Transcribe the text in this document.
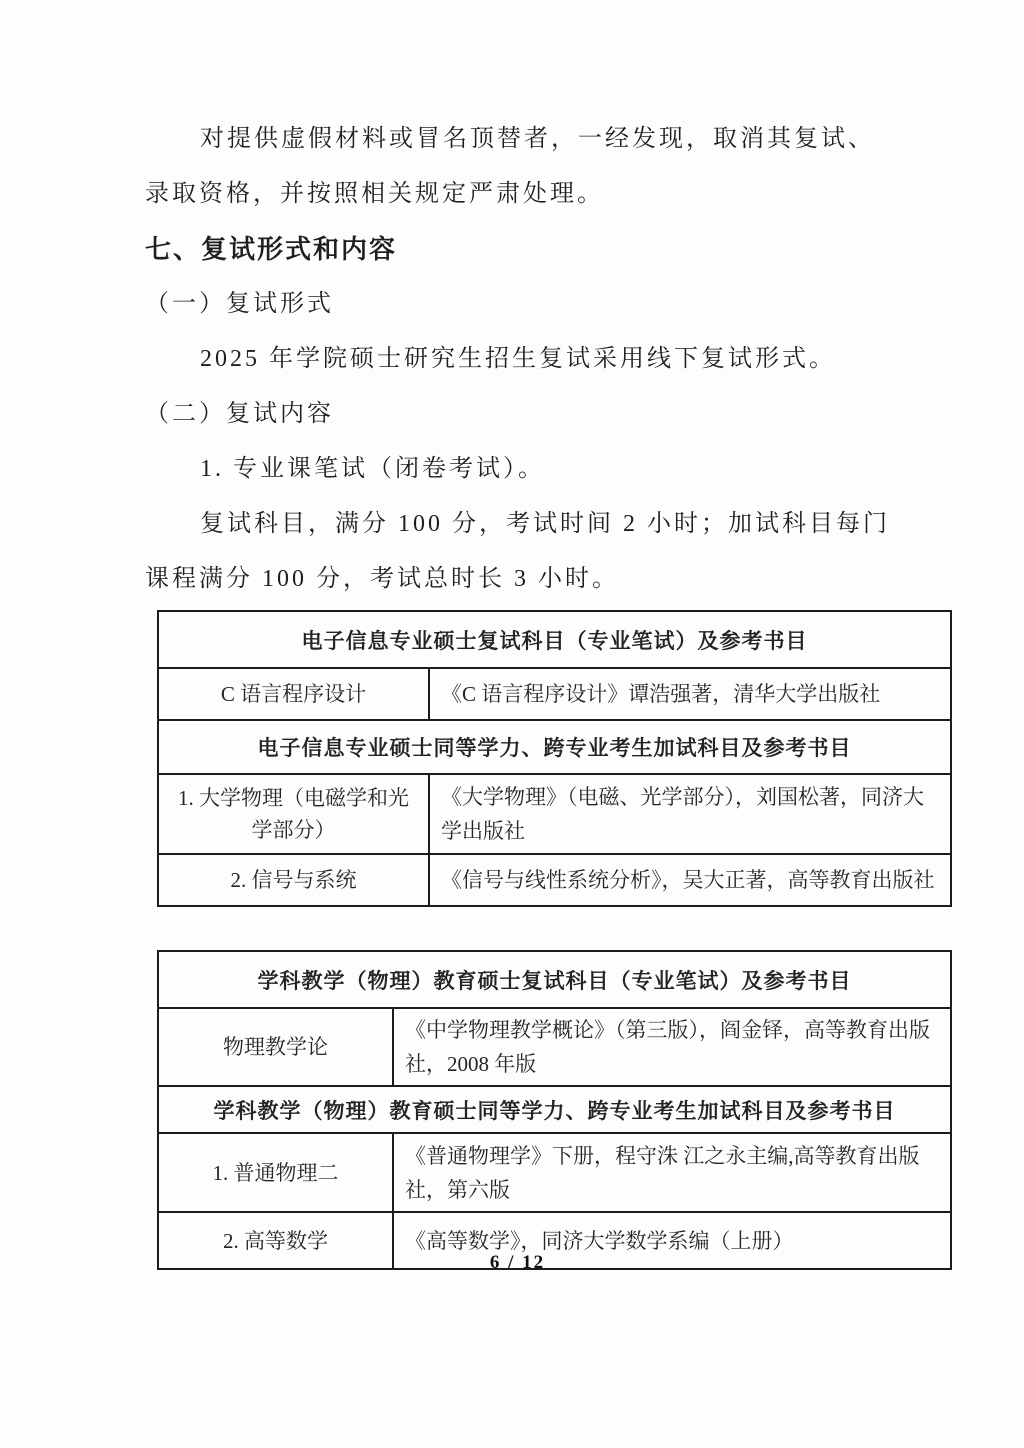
对提供虚假材料或冒名顶替者，一经发现，取消其复试、
录取资格，并按照相关规定严肃处理。
七、复试形式和内容
（一）复试形式
2025 年学院硕士研究生招生复试采用线下复试形式。
（二）复试内容
1. 专业课笔试（闭卷考试）。
复试科目，满分 100 分，考试时间 2 小时；加试科目每门
课程满分 100 分，考试总时长 3 小时。
电子信息专业硕士复试科目（专业笔试）及参考书目	
C 语言程序设计	《C 语言程序设计》谭浩强著，清华大学出版社
电子信息专业硕士同等学力、跨专业考生加试科目及参考书目	
1. 大学物理（电磁学和光学部分）	《大学物理》（电磁、光学部分），刘国松著，同济大学出版社
2. 信号与系统	《信号与线性系统分析》，吴大正著，高等教育出版社
学科教学（物理）教育硕士复试科目（专业笔试）及参考书目	
物理教学论	《中学物理教学概论》（第三版），阎金铎，高等教育出版社，2008 年版
学科教学（物理）教育硕士同等学力、跨专业考生加试科目及参考书目	
1. 普通物理二	《普通物理学》下册，程守洙 江之永主编,高等教育出版社，第六版
2. 高等数学	《高等数学》，同济大学数学系编（上册）
6 / 12
